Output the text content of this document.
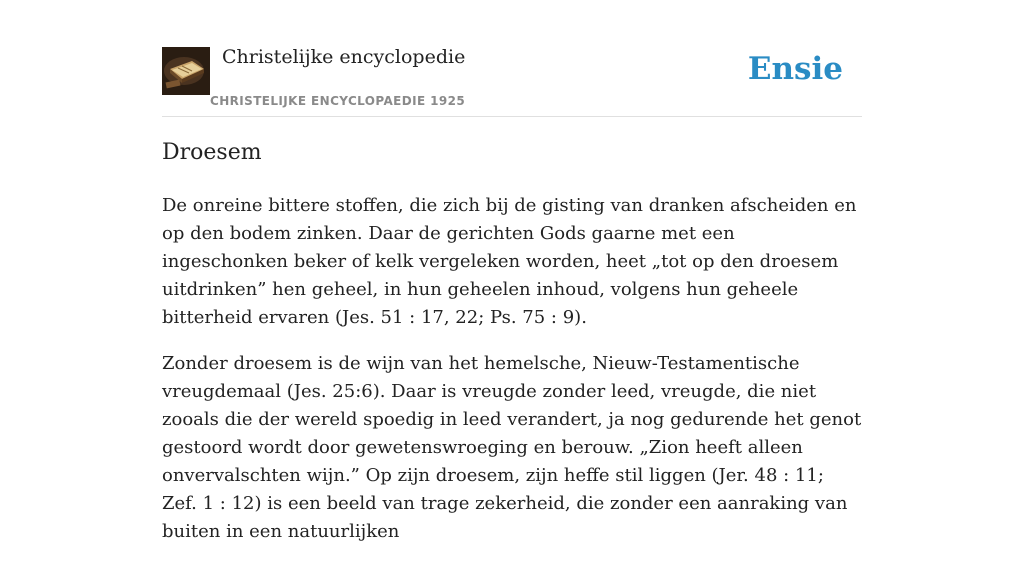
Christelijke encyclopedie
CHRISTELIJKE ENCYCLOPAEDIE 1925
Ensie
Droesem

De onreine bittere stoffen, die zich bij de gisting van dranken afscheiden en op den bodem zinken. Daar de gerichten Gods gaarne met een ingeschonken beker of kelk vergeleken worden, heet „tot op den droesem uitdrinken” hen geheel, in hun geheelen inhoud, volgens hun geheele bitterheid ervaren (Jes. 51 : 17, 22; Ps. 75 : 9).

Zonder droesem is de wijn van het hemelsche, Nieuw-Testamentische vreugdemaal (Jes. 25:6). Daar is vreugde zonder leed, vreugde, die niet zooals die der wereld spoedig in leed verandert, ja nog gedurende het genot gestoord wordt door gewetenswroeging en berouw. „Zion heeft alleen onvervalschten wijn.” Op zijn droesem, zijn heffe stil liggen (Jer. 48 : 11; Zef. 1 : 12) is een beeld van trage zekerheid, die zonder een aanraking van buiten in een natuurlijken
